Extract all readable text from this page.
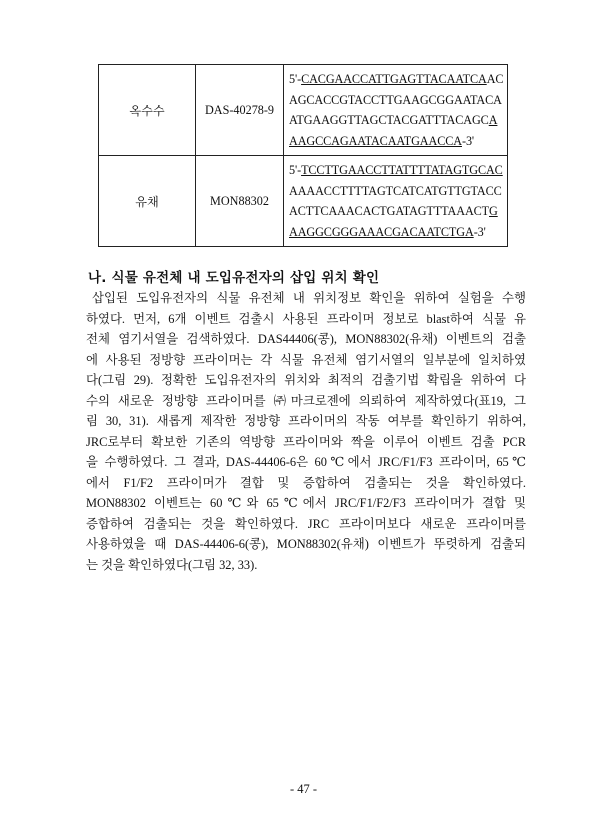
옥수수	DAS-40278-9	5'-CACGAACCATTGAGTTACAATCAAC
AGCACCGTACCTTGAAGCGGAATACA
ATGAAGGTTAGCTACGATTTACAGCA
AAGCCAGAATACAATGAACCA-3'

유채	MON88302	5'-TCCTTGAACCTTATTTTATAGTGCAC
AAAACCTTTTAGTCATCATGTTGTACC
ACTTCAAACACTGATAGTTTAAACTG
AAGGCGGGAAACGACAATCTGA-3'
나. 식물 유전체 내 도입유전자의 삽입 위치 확인
삽입된 도입유전자의 식물 유전체 내 위치정보 확인을 위하여 실험을 수행
하였다. 먼저, 6개 이벤트 검출시 사용된 프라이머 정보로 blast하여 식물 유
전체 염기서열을 검색하였다. DAS44406(콩), MON88302(유채) 이벤트의 검출
에 사용된 정방향 프라이머는 각 식물 유전체 염기서열의 일부분에 일치하였
다(그림 29). 정확한 도입유전자의 위치와 최적의 검출기법 확립을 위하여 다
수의 새로운 정방향 프라이머를 ㈜마크로젠에 의뢰하여 제작하였다(표19, 그
림 30, 31). 새롭게 제작한 정방향 프라이머의 작동 여부를 확인하기 위하여,
JRC로부터 확보한 기존의 역방향 프라이머와 짝을 이루어 이벤트 검출 PCR
을 수행하였다. 그 결과, DAS-44406-6은 60℃에서 JRC/F1/F3 프라이머, 65℃
에서 F1/F2 프라이머가 결합 및 증합하여 검출되는 것을 확인하였다.
MON88302 이벤트는 60℃와 65℃에서 JRC/F1/F2/F3 프라이머가 결합 및
증합하여 검출되는 것을 확인하였다. JRC 프라이머보다 새로운 프라이머를
사용하였을 때 DAS-44406-6(콩), MON88302(유채) 이벤트가 뚜렷하게 검출되
는 것을 확인하였다(그림 32, 33).
- 47 -
